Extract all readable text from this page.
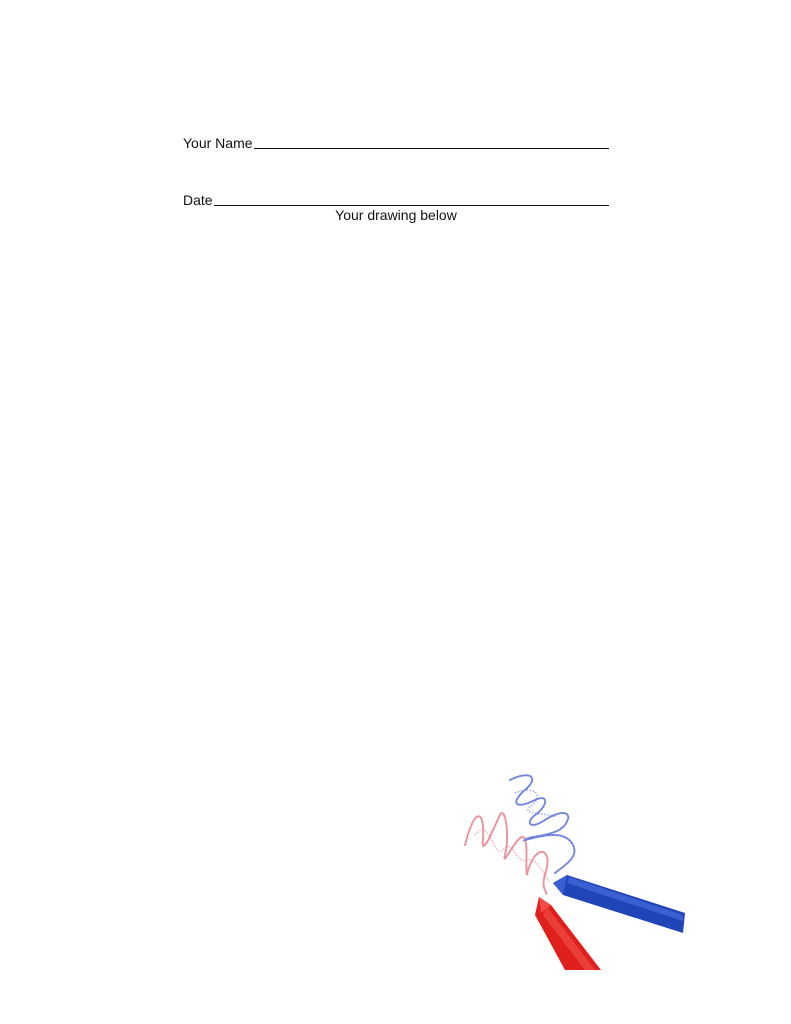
Your Name
Date
Your drawing below
